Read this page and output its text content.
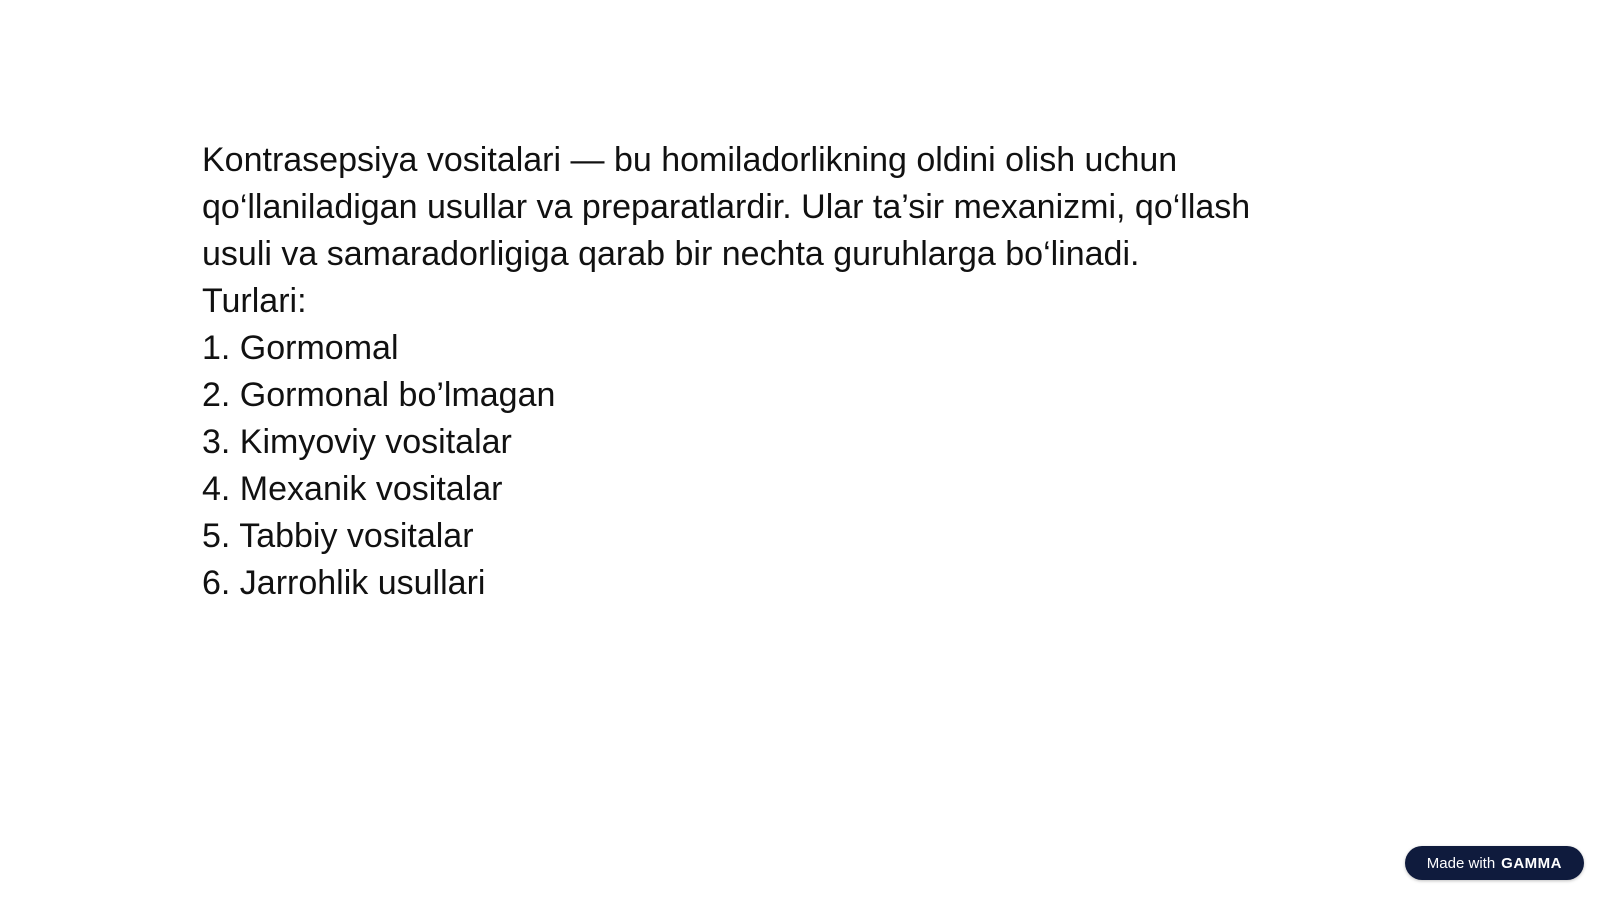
Kontrasepsiya vositalari — bu homiladorlikning oldini olish uchun qo‘llaniladigan usullar va preparatlardir. Ular ta’sir mexanizmi, qo‘llash usuli va samaradorligiga qarab bir nechta guruhlarga bo‘linadi.

Turlari:

1. Gormomal
2. Gormonal bo’lmagan
3. Kimyoviy vositalar
4. Mexanik vositalar
5. Tabbiy vositalar
6. Jarrohlik usullari
Made with GAMMA
